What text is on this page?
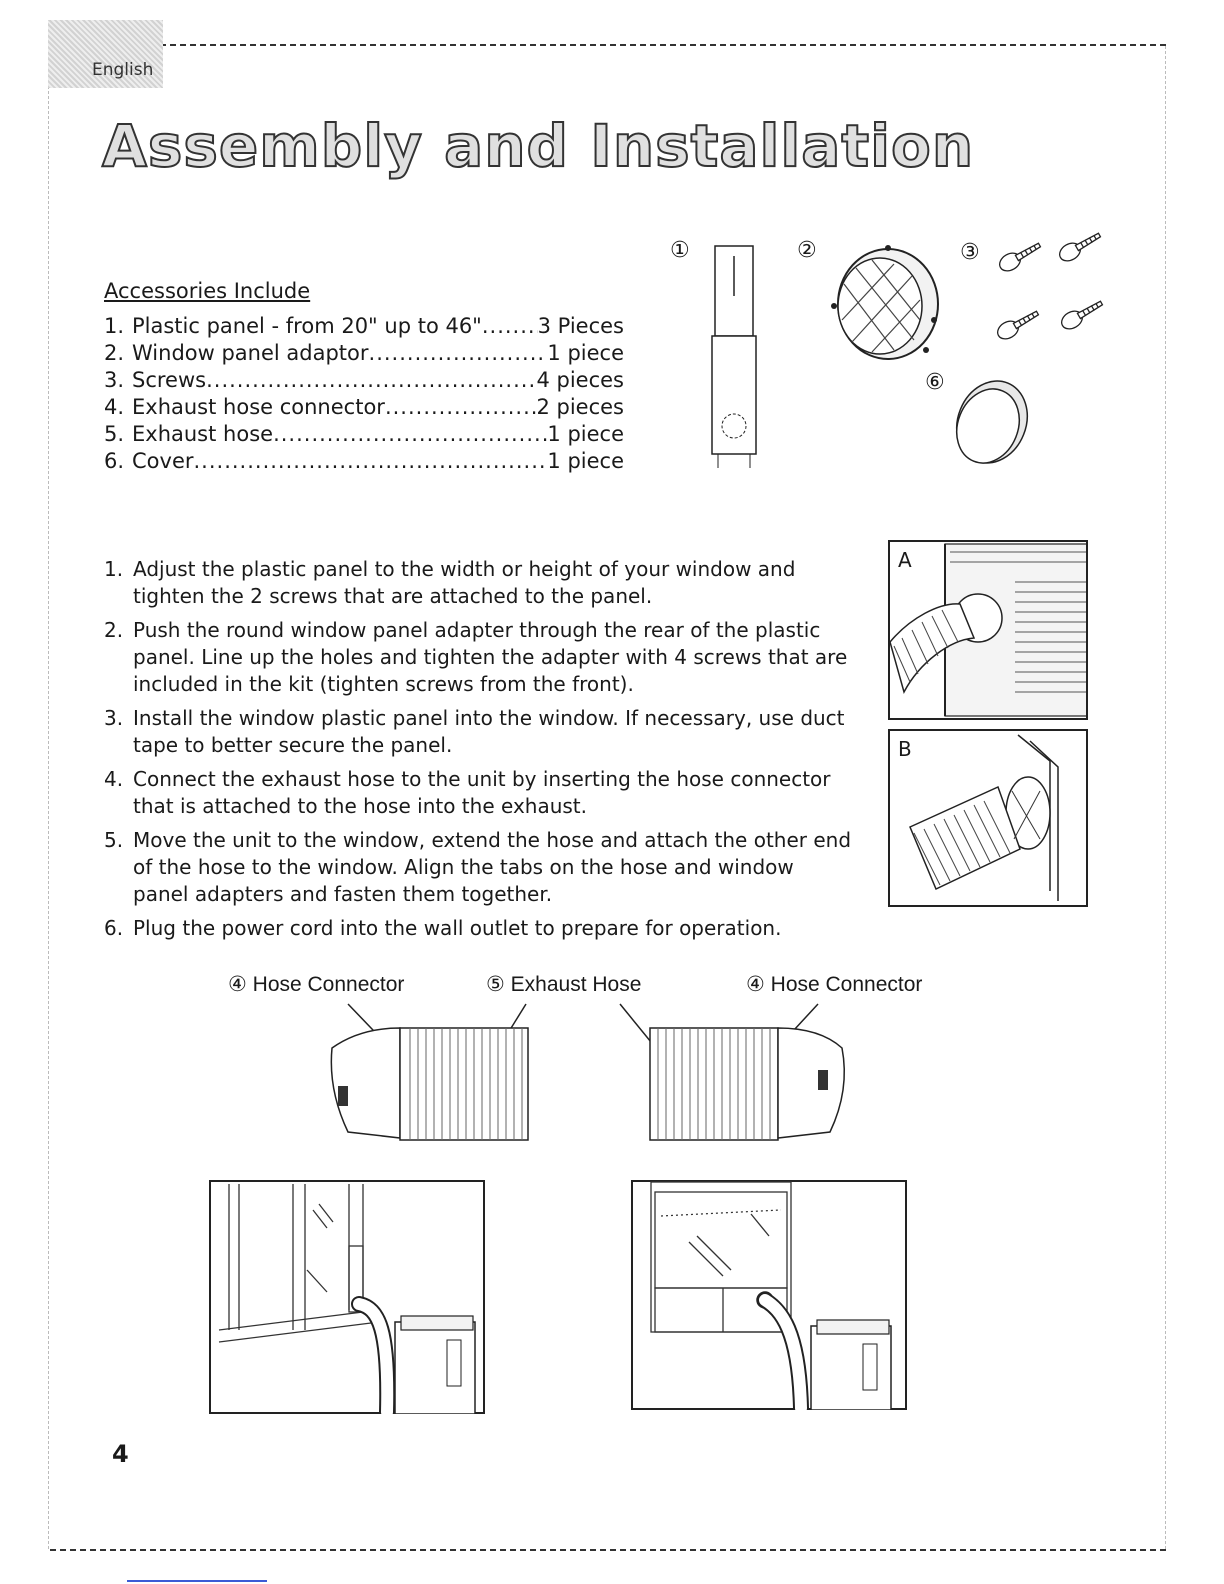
English
Assembly and Installation
Accessories Include
1. Plastic panel - from 20" up to 46" .....	3 Pieces
2. Window panel adaptor .....	1 piece
3. Screws .....	4 pieces
4. Exhaust hose connector .....	2 pieces
5. Exhaust hose .....	1 piece
6. Cover .....	1 piece
①	②	③
⑥
1. Adjust the plastic panel to the width or height of your window and tighten the 2 screws that are attached to the panel.
2. Push the round window panel adapter through the rear of the plastic panel. Line up the holes and tighten the adapter with 4 screws that are included in the kit (tighten screws from the front).
3. Install the window plastic panel into the window. If necessary, use duct tape to better secure the panel.
4. Connect the exhaust hose to the unit by inserting the hose connector that is attached to the hose into the exhaust.
5. Move the unit to the window, extend the hose and attach the other end of the hose to the window. Align the tabs on the hose and window panel adapters and fasten them together.
6. Plug the power cord into the wall outlet to prepare for operation.
A
B
④ Hose Connector	⑤ Exhaust Hose	④ Hose Connector
4
